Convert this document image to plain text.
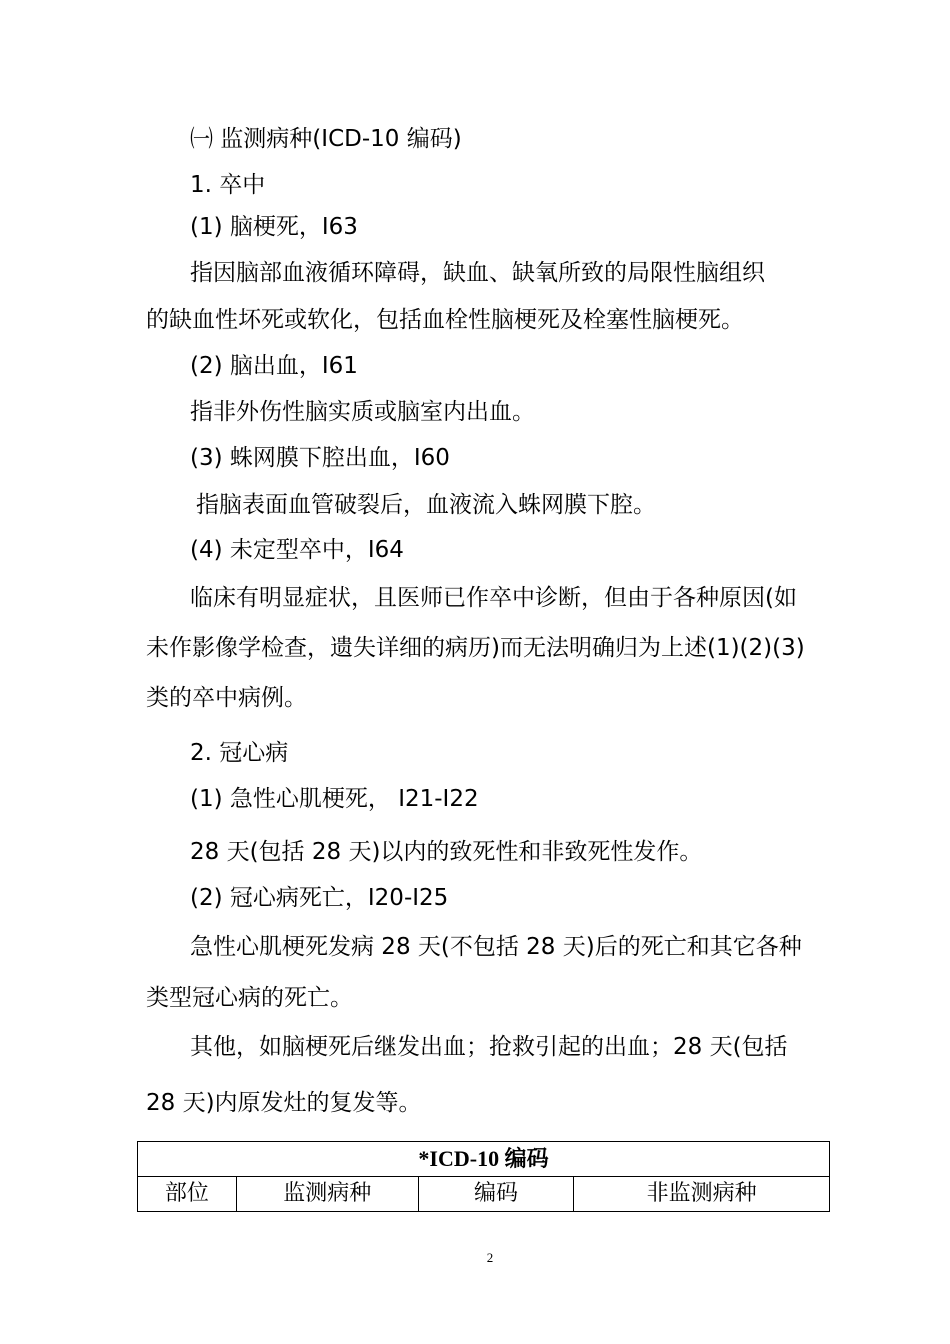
㈠ 监测病种(ICD-10 编码)
1. 卒中
(1) 脑梗死，I63
指因脑部血液循环障碍，缺血、缺氧所致的局限性脑组织
的缺血性坏死或软化，包括血栓性脑梗死及栓塞性脑梗死。
(2) 脑出血，I61
指非外伤性脑实质或脑室内出血。
(3) 蛛网膜下腔出血，I60
指脑表面血管破裂后，血液流入蛛网膜下腔。
(4) 未定型卒中，I64
临床有明显症状，且医师已作卒中诊断，但由于各种原因(如
未作影像学检查，遗失详细的病历)而无法明确归为上述(1)(2)(3)
类的卒中病例。
2. 冠心病
(1) 急性心肌梗死， I21-I22
28 天(包括 28 天)以内的致死性和非致死性发作。
(2) 冠心病死亡，I20-I25
急性心肌梗死发病 28 天(不包括 28 天)后的死亡和其它各种
类型冠心病的死亡。
其他，如脑梗死后继发出血；抢救引起的出血；28 天(包括
28 天)内原发灶的复发等。
*ICD-10 编码
部位	监测病种	编码	非监测病种
2
